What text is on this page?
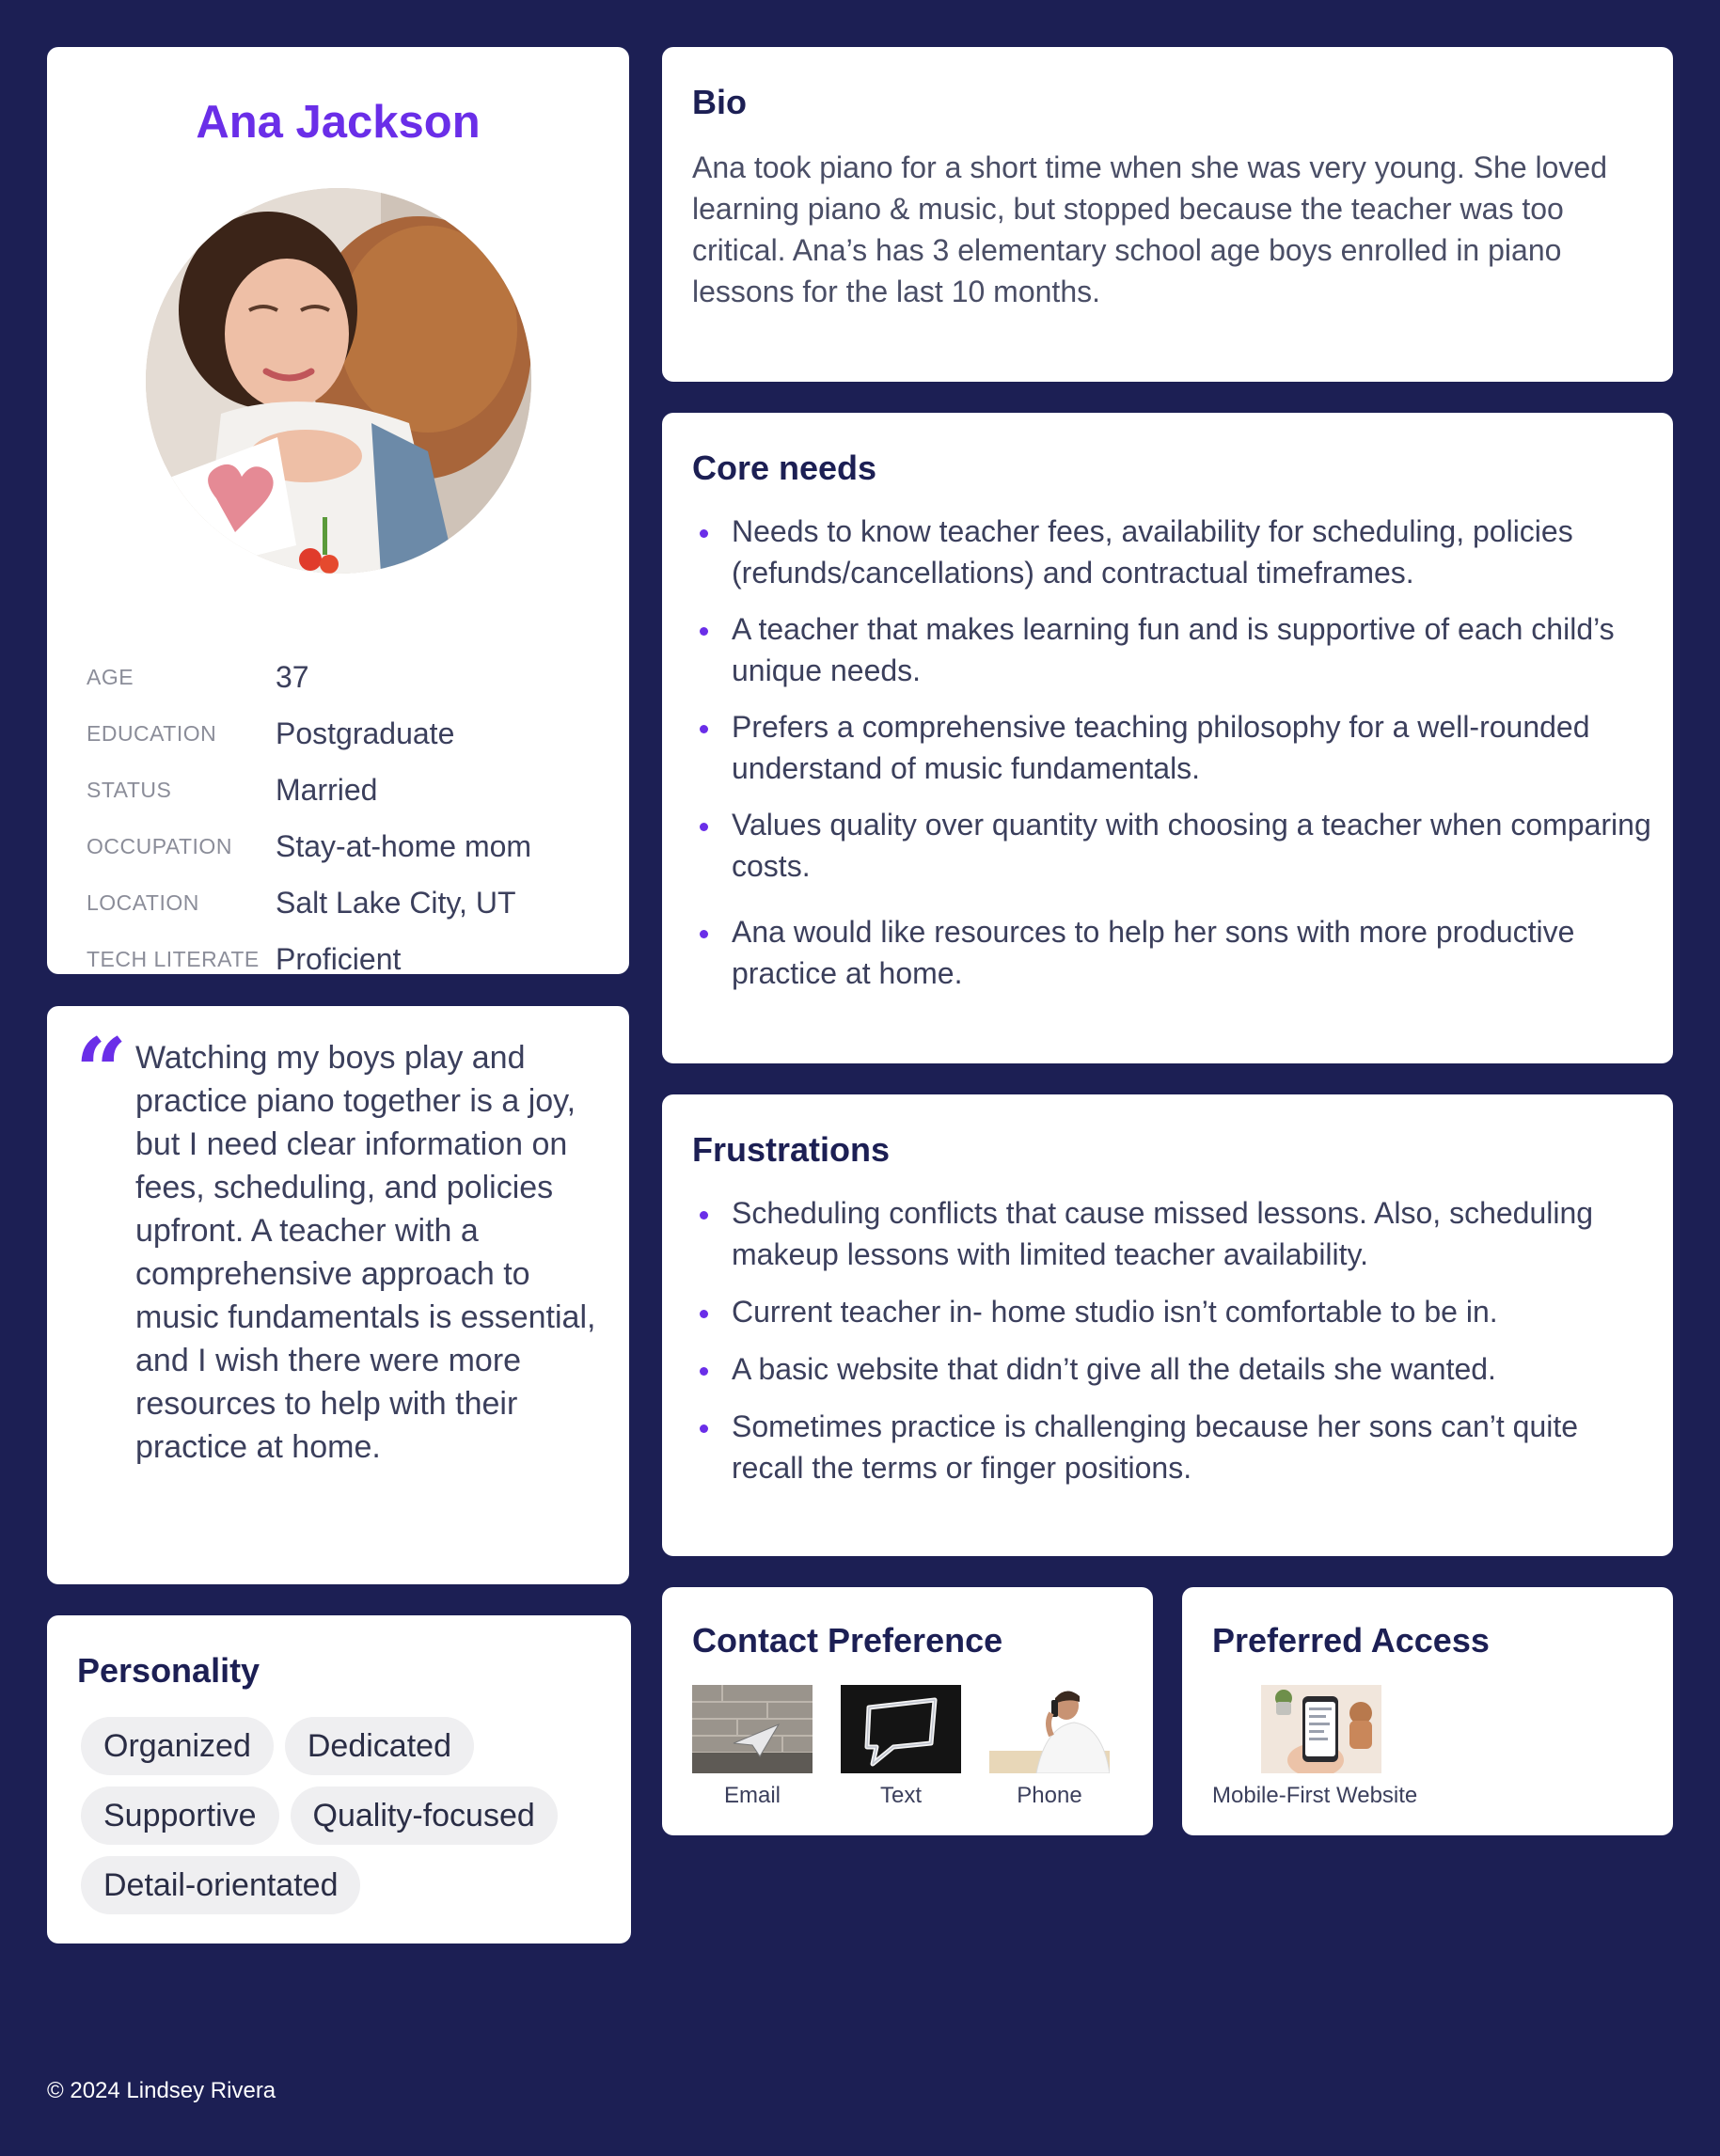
Ana Jackson
AGE	37
EDUCATION	Postgraduate
STATUS	Married
OCCUPATION	Stay-at-home mom
LOCATION	Salt Lake City, UT
TECH LITERATE Proficient
“ Watching my boys play and practice piano together is a joy, but I need clear information on fees, scheduling, and policies upfront. A teacher with a comprehensive approach to music fundamentals is essential, and I wish there were more resources to help with their practice at home.

Personality
Organized	Dedicated
Supportive	Quality-focused
Detail-orientated
Bio

Ana took piano for a short time when she was very young. She loved learning piano & music, but stopped because the teacher was too critical. Ana’s has 3 elementary school age boys enrolled in piano lessons for the last 10 months.

Core needs
Needs to know teacher fees, availability for scheduling, policies (refunds/cancellations) and contractual timeframes.
A teacher that makes learning fun and is supportive of each child’s unique needs.
Prefers a comprehensive teaching philosophy for a well-rounded understand of music fundamentals.
Values quality over quantity with choosing a teacher when comparing costs.
Ana would like resources to help her sons with more productive practice at home.
Frustrations
Scheduling conflicts that cause missed lessons. Also, scheduling makeup lessons with limited teacher availability.
Current teacher in- home studio isn’t comfortable to be in.
A basic website that didn’t give all the details she wanted.
Sometimes practice is challenging because her sons can’t quite recall the terms or finger positions.
Contact Preference
Email	Text	Phone
Preferred Access
Mobile-First Website
© 2024 Lindsey Rivera
